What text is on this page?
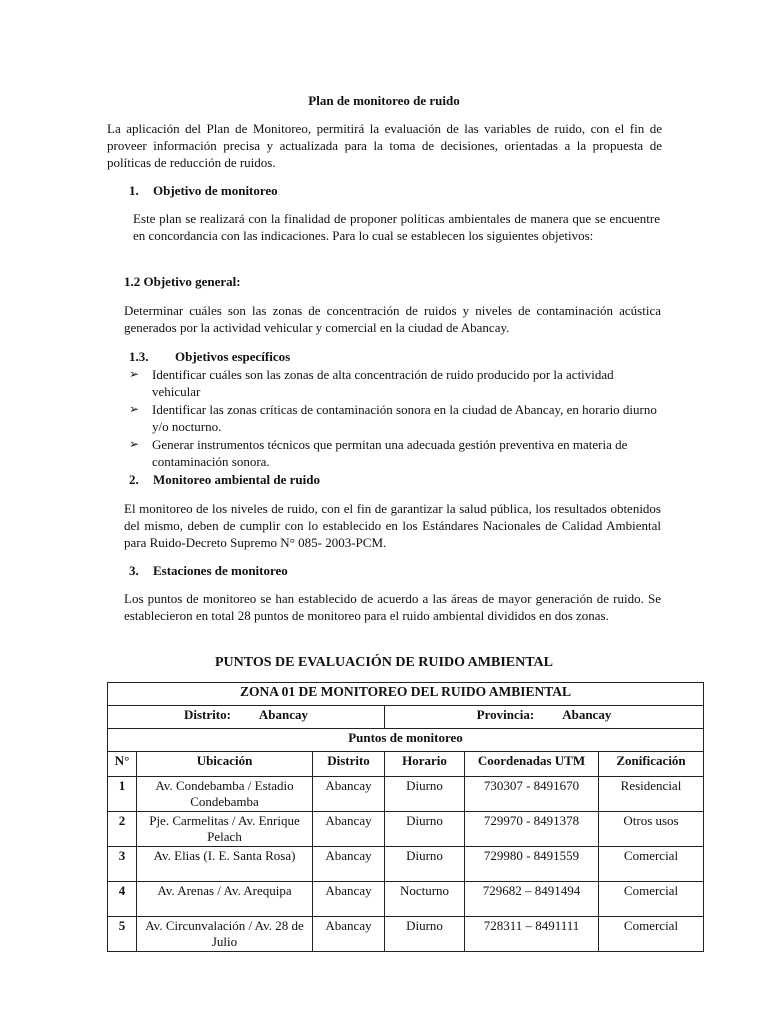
Plan de monitoreo de ruido
La aplicación del Plan de Monitoreo, permitirá la evaluación de las variables de ruido, con el fin de proveer información precisa y actualizada para la toma de decisiones, orientadas a la propuesta de políticas de reducción de ruidos.
1. Objetivo de monitoreo
Este plan se realizará con la finalidad de proponer políticas ambientales de manera que se encuentre en concordancia con las indicaciones. Para lo cual se establecen los siguientes objetivos:
1.2 Objetivo general:
Determinar cuáles son las zonas de concentración de ruidos y niveles de contaminación acústica generados por la actividad vehicular y comercial en la ciudad de Abancay.
1.3. Objetivos específicos
➢ Identificar cuáles son las zonas de alta concentración de ruido producido por la actividad vehicular
➢ Identificar las zonas críticas de contaminación sonora en la ciudad de Abancay, en horario diurno y/o nocturno.
➢ Generar instrumentos técnicos que permitan una adecuada gestión preventiva en materia de contaminación sonora.
2. Monitoreo ambiental de ruido
El monitoreo de los niveles de ruido, con el fin de garantizar la salud pública, los resultados obtenidos del mismo, deben de cumplir con lo establecido en los Estándares Nacionales de Calidad Ambiental para Ruido-Decreto Supremo N° 085- 2003-PCM.
3. Estaciones de monitoreo
Los puntos de monitoreo se han establecido de acuerdo a las áreas de mayor generación de ruido. Se establecieron en total 28 puntos de monitoreo para el ruido ambiental divididos en dos zonas.
PUNTOS DE EVALUACIÓN DE RUIDO AMBIENTAL
ZONA 01 DE MONITOREO DEL RUIDO AMBIENTAL					
Distrito: Abancay			Provincia: Abancay		
Puntos de monitoreo					
N°	Ubicación	Distrito	Horario	Coordenadas UTM	Zonificación
1	Av. Condebamba / Estadio Condebamba	Abancay	Diurno	730307 - 8491670	Residencial
2	Pje. Carmelitas / Av. Enrique Pelach	Abancay	Diurno	729970 - 8491378	Otros usos
3	Av. Elias (I. E. Santa Rosa)	Abancay	Diurno	729980 - 8491559	Comercial
4	Av. Arenas / Av. Arequipa	Abancay	Nocturno	729682 – 8491494	Comercial
5	Av. Circunvalación / Av. 28 de Julio	Abancay	Diurno	728311 – 8491111	Comercial
